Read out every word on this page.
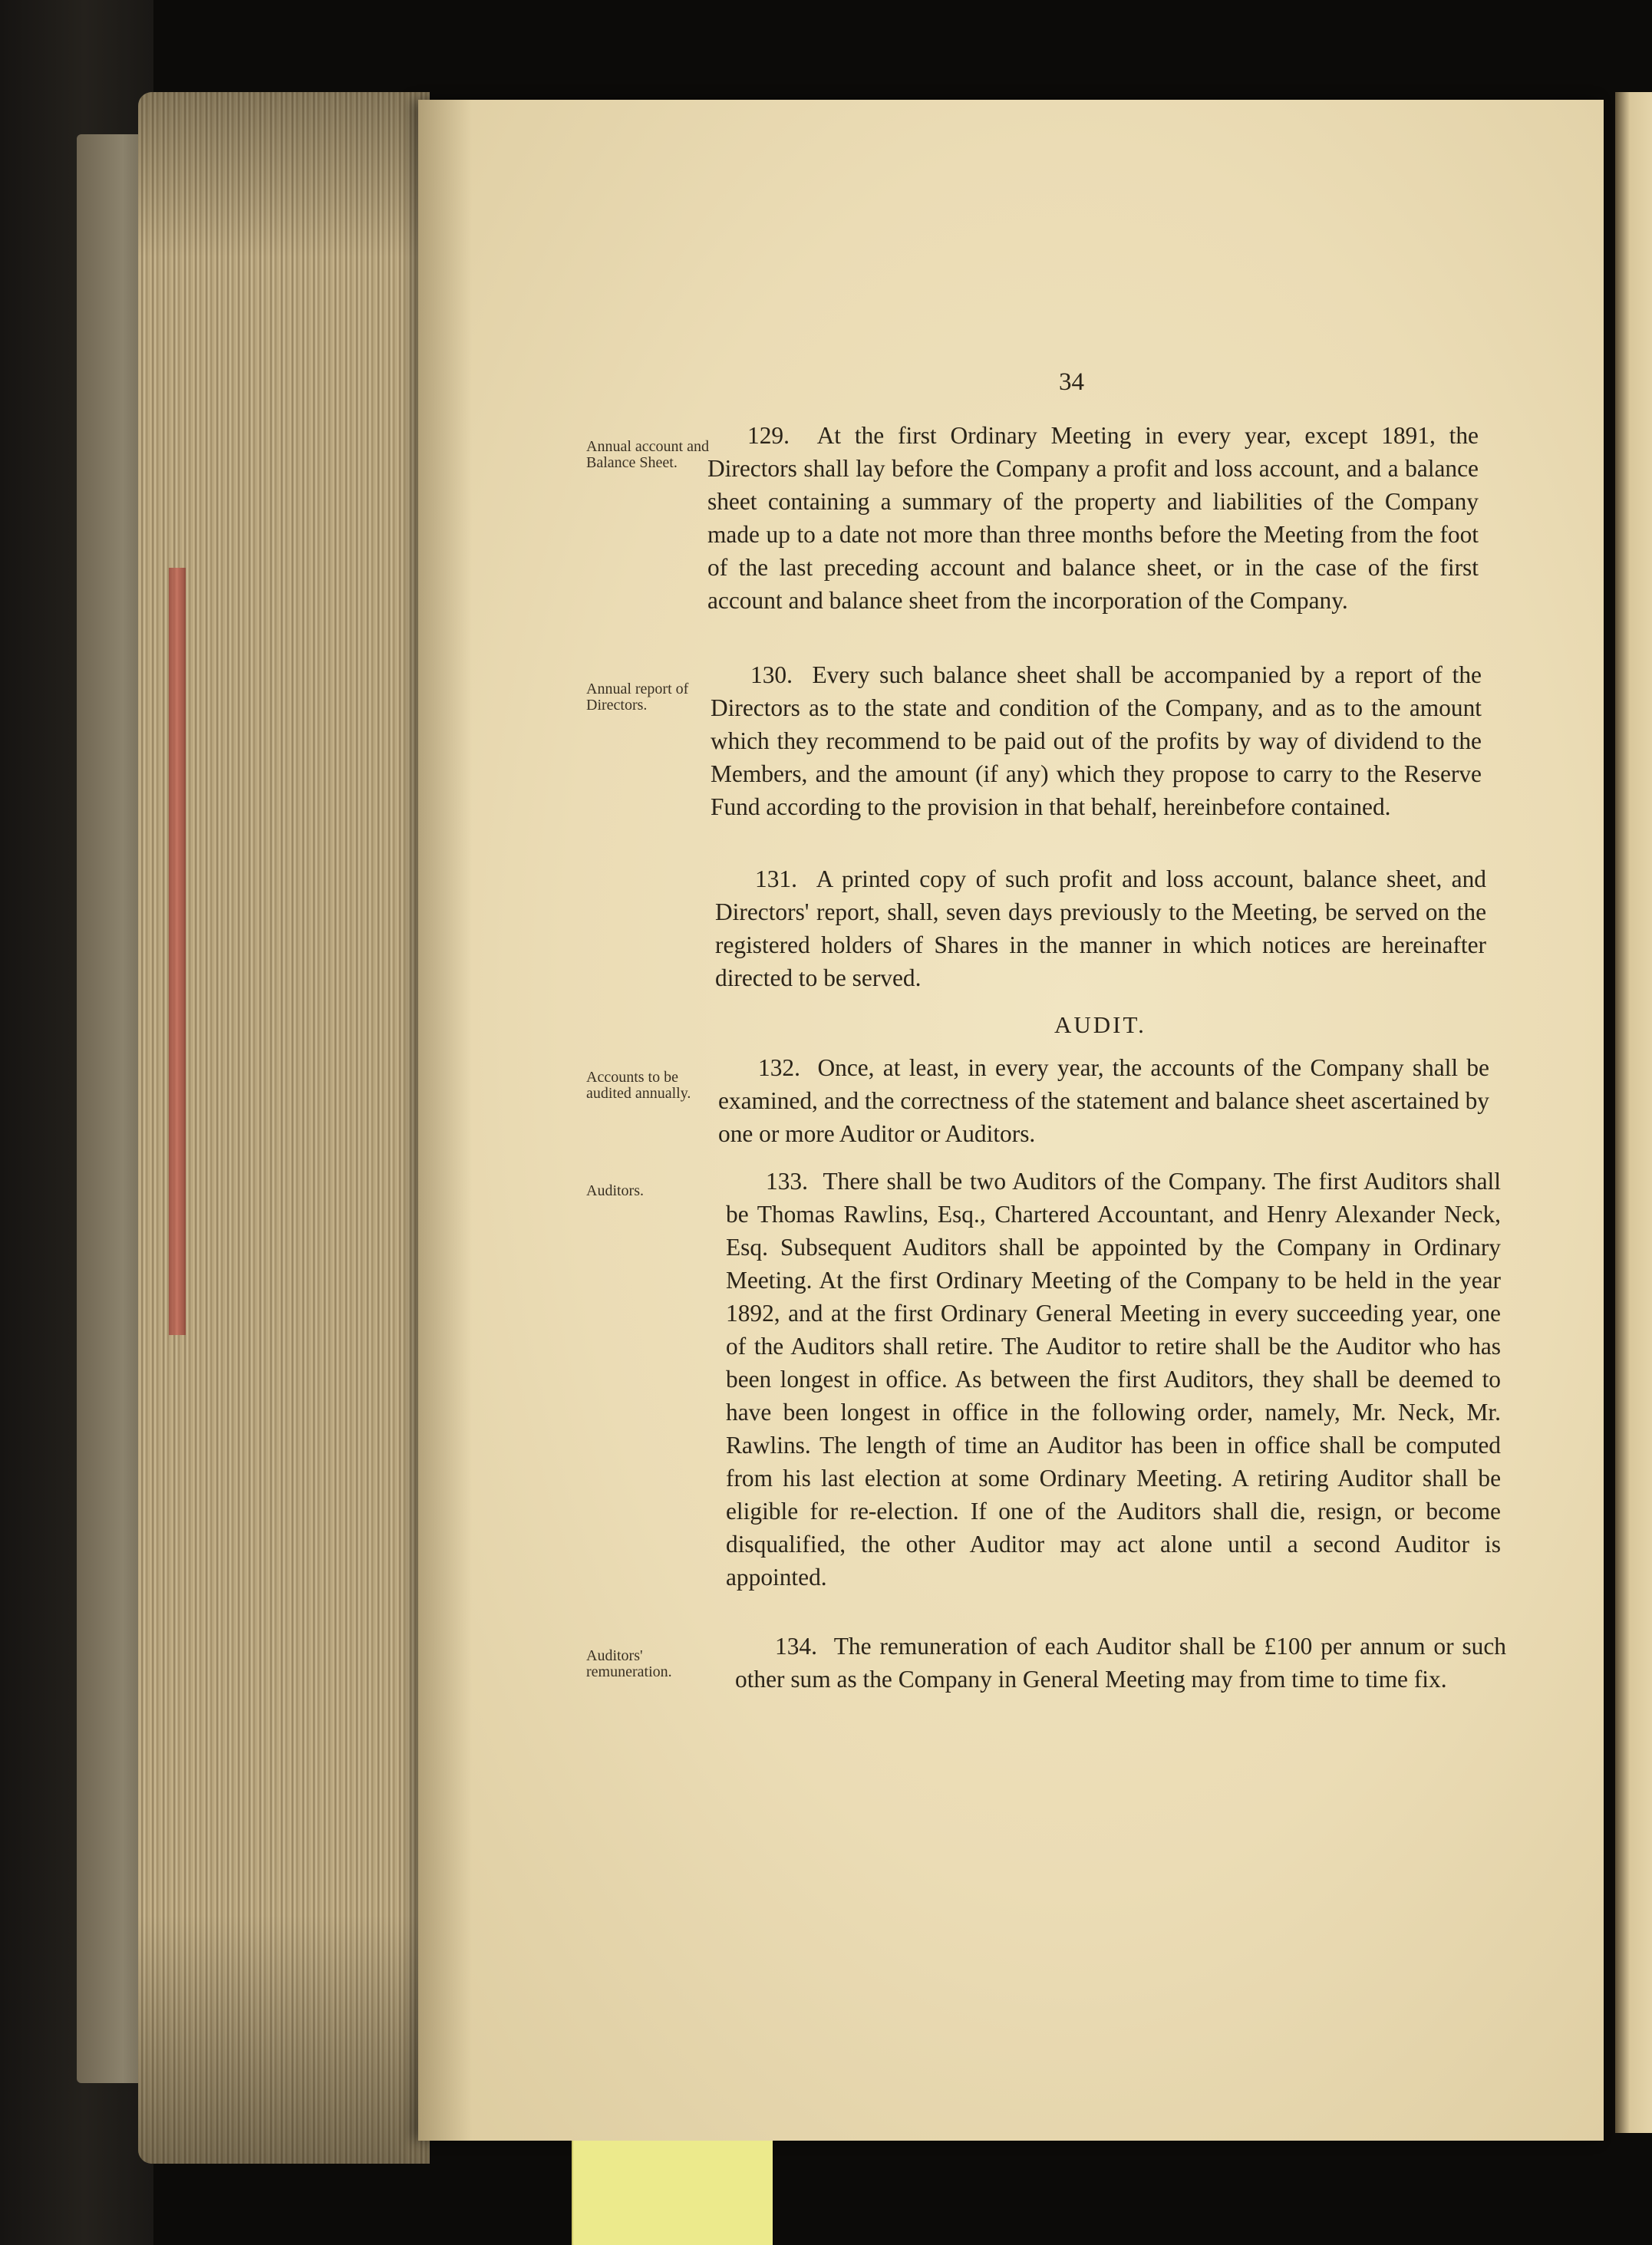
34
Annual account and Balance Sheet.
Annual report of Directors.
Accounts to be audited annually.
Auditors.
Auditors' remuneration.
129. At the first Ordinary Meeting in every year, except 1891, the Directors shall lay before the Company a profit and loss account, and a balance sheet containing a summary of the property and liabilities of the Company made up to a date not more than three months before the Meeting from the foot of the last preceding account and balance sheet, or in the case of the first account and balance sheet from the incorporation of the Company.
130. Every such balance sheet shall be accompanied by a report of the Directors as to the state and condition of the Company, and as to the amount which they recommend to be paid out of the profits by way of dividend to the Members, and the amount (if any) which they propose to carry to the Reserve Fund according to the provision in that behalf, hereinbefore contained.
131. A printed copy of such profit and loss account, balance sheet, and Directors' report, shall, seven days previously to the Meeting, be served on the registered holders of Shares in the manner in which notices are hereinafter directed to be served.
AUDIT.
132. Once, at least, in every year, the accounts of the Company shall be examined, and the correctness of the statement and balance sheet ascertained by one or more Auditor or Auditors.
133. There shall be two Auditors of the Company. The first Auditors shall be Thomas Rawlins, Esq., Chartered Accountant, and Henry Alexander Neck, Esq. Subsequent Auditors shall be appointed by the Company in Ordinary Meeting. At the first Ordinary Meeting of the Company to be held in the year 1892, and at the first Ordinary General Meeting in every succeeding year, one of the Auditors shall retire. The Auditor to retire shall be the Auditor who has been longest in office. As between the first Auditors, they shall be deemed to have been longest in office in the following order, namely, Mr. Neck, Mr. Rawlins. The length of time an Auditor has been in office shall be computed from his last election at some Ordinary Meeting. A retiring Auditor shall be eligible for re-election. If one of the Auditors shall die, resign, or become disqualified, the other Auditor may act alone until a second Auditor is appointed.
134. The remuneration of each Auditor shall be £100 per annum or such other sum as the Company in General Meeting may from time to time fix.
